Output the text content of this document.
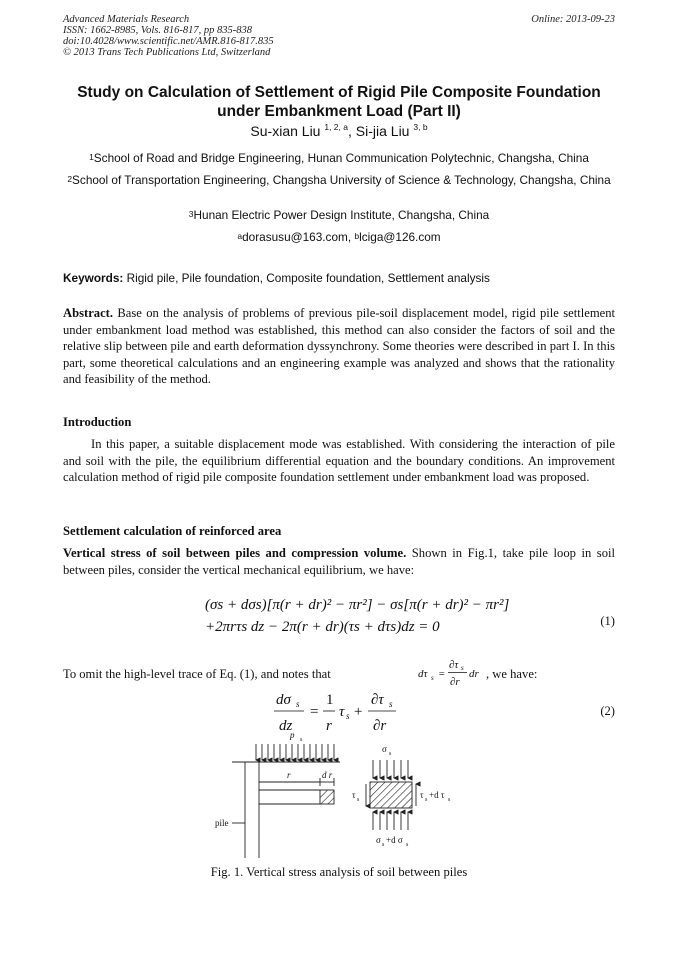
Advanced Materials Research
ISSN: 1662-8985, Vols. 816-817, pp 835-838
doi:10.4028/www.scientific.net/AMR.816-817.835
© 2013 Trans Tech Publications Ltd, Switzerland
Online: 2013-09-23
Study on Calculation of Settlement of Rigid Pile Composite Foundation
under Embankment Load (Part II)
Su-xian Liu $^{1, 2, a}$, Si-jia Liu $^{3, b}$
$^1$School of Road and Bridge Engineering, Hunan Communication Polytechnic, Changsha, China
$^2$School of Transportation Engineering, Changsha University of Science & Technology, Changsha, China
$^3$Hunan Electric Power Design Institute, Changsha, China
$^a$dorasusu@163.com, $^b$lciga@126.com
Keywords: Rigid pile, Pile foundation, Composite foundation, Settlement analysis
Abstract. Base on the analysis of problems of previous pile-soil displacement model, rigid pile settlement under embankment load method was established, this method can also consider the factors of soil and the relative slip between pile and earth deformation dyssynchrony. Some theories were described in part I. In this part, some theoretical calculations and an engineering example was analyzed and shows that the rationality and feasibility of the method.
Introduction
In this paper, a suitable displacement mode was established. With considering the interaction of pile and soil with the pile, the equilibrium differential equation and the boundary conditions. An improvement calculation method of rigid pile composite foundation settlement under embankment load was proposed.
Settlement calculation of reinforced area
Vertical stress of soil between piles and compression volume. Shown in Fig.1, take pile loop in soil between piles, consider the vertical mechanical equilibrium, we have:
(σs + dσs)[π(r + dr)² − πr²] − σs[π(r + dr)² − πr²]
+2πrτs dz − 2π(r + dr)(τs + dτs)dz = 0	(1)
To omit the high-level trace of Eq. (1), and notes that	dτ s =
∂τ s
∂r
dr , we have:
dσ s
dz
=
1
r
τ s +
∂τ s
∂r
(2)
p s
r	d r
pile
σ s
τ s	τ s +d τ s
σ s +d σ s
Fig. 1. Vertical stress analysis of soil between piles
